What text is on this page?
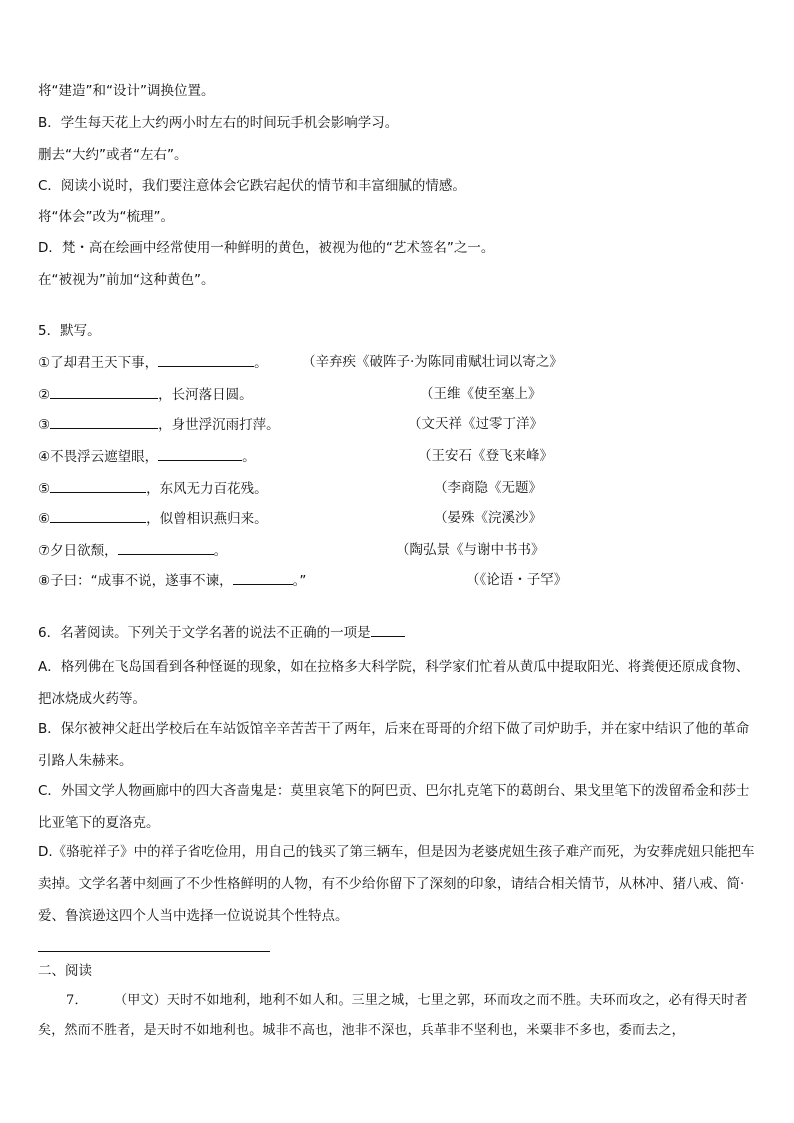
将“建造”和“设计”调换位置。
B．学生每天花上大约两小时左右的时间玩手机会影响学习。
删去“大约”或者“左右”。
C．阅读小说时，我们要注意体会它跌宕起伏的情节和丰富细腻的情感。
将“体会”改为“梳理”。
D．梵・高在绘画中经常使用一种鲜明的黄色，被视为他的“艺术签名”之一。
在“被视为”前加“这种黄色”。
5．默写。
①了却君王天下事，	。	（辛弃疾《破阵子·为陈同甫赋壮词以寄之》
②	，长河落日圆。	（王维《使至塞上》
③	，身世浮沉雨打萍。	（文天祥《过零丁洋》
④不畏浮云遮望眼，	。	（王安石《登飞来峰》
⑤	，东风无力百花残。	（李商隐《无题》
⑥	，似曾相识燕归来。	（晏殊《浣溪沙》
⑦夕日欲颓，	。	（陶弘景《与谢中书书》
⑧子曰：“成事不说，遂事不谏，	。”	（《论语・子罕》
6．名著阅读。下列关于文学名著的说法不正确的一项是
A．格列佛在飞岛国看到各种怪诞的现象，如在拉格多大科学院，科学家们忙着从黄瓜中提取阳光、将粪便还原成食物、把冰烧成火药等。
B．保尔被神父赶出学校后在车站饭馆辛辛苦苦干了两年，后来在哥哥的介绍下做了司炉助手，并在家中结识了他的革命引路人朱赫来。
C．外国文学人物画廊中的四大吝啬鬼是：莫里哀笔下的阿巴贡、巴尔扎克笔下的葛朗台、果戈里笔下的泼留希金和莎士比亚笔下的夏洛克。
D.《骆驼祥子》中的祥子省吃俭用，用自己的钱买了第三辆车，但是因为老婆虎妞生孩子难产而死，为安葬虎妞只能把车卖掉。文学名著中刻画了不少性格鲜明的人物，有不少给你留下了深刻的印象，请结合相关情节，从林冲、猪八戒、简·爱、鲁滨逊这四个人当中选择一位说说其个性特点。
二、阅读
7．   （甲文）天时不如地利，地利不如人和。三里之城，七里之郭，环而攻之而不胜。夫环而攻之，必有得天时者矣，然而不胜者，是天时不如地利也。城非不高也，池非不深也，兵革非不坚利也，米粟非不多也，委而去之，
